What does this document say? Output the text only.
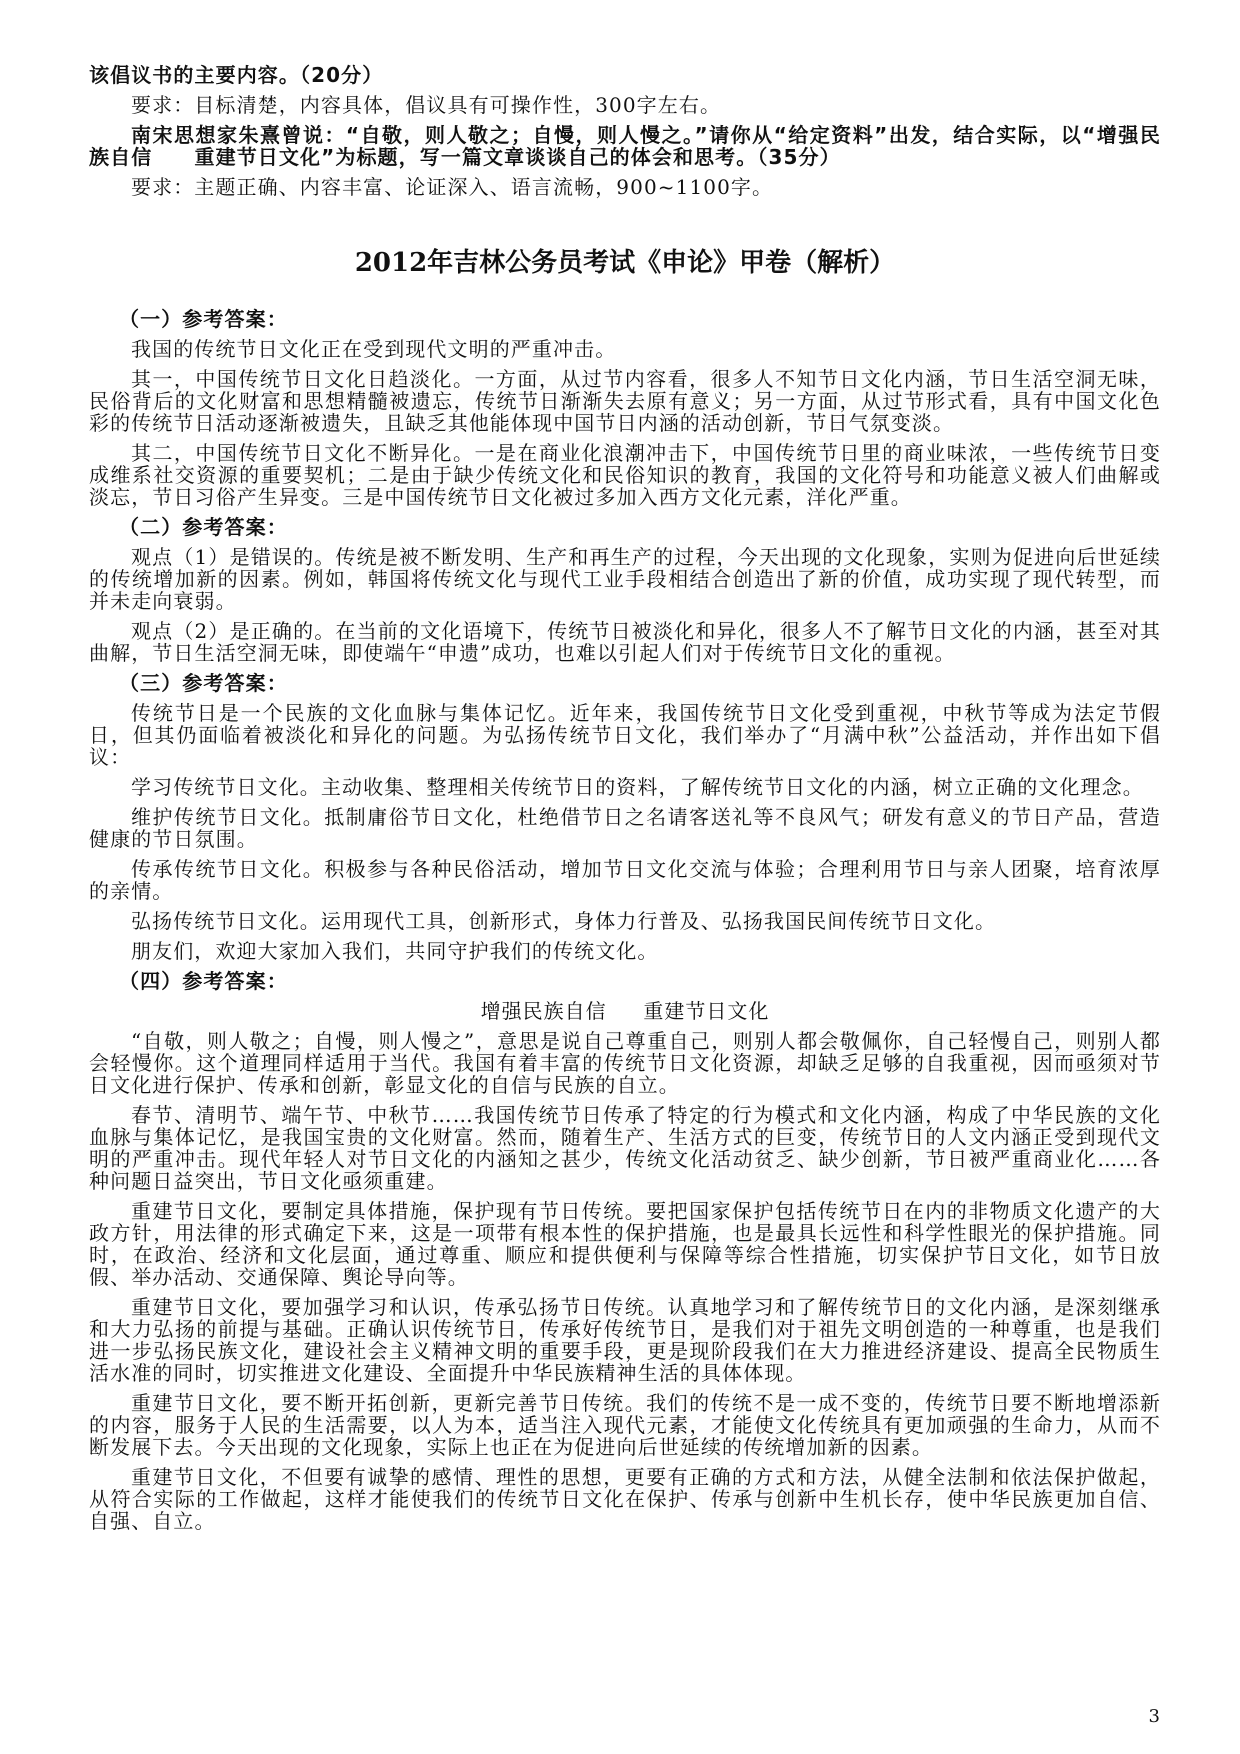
该倡议书的主要内容。（20分）

要求：目标清楚，内容具体，倡议具有可操作性，300字左右。

南宋思想家朱熹曾说：“自敬，则人敬之；自慢，则人慢之。”请你从“给定资料”出发，结合实际，以“增强民族自信　　重建节日文化”为标题，写一篇文章谈谈自己的体会和思考。（35分）

要求：主题正确、内容丰富、论证深入、语言流畅，900~1100字。

2012年吉林公务员考试《申论》甲卷（解析）

（一）参考答案：

我国的传统节日文化正在受到现代文明的严重冲击。

其一，中国传统节日文化日趋淡化。一方面，从过节内容看，很多人不知节日文化内涵，节日生活空洞无味，民俗背后的文化财富和思想精髓被遗忘，传统节日渐渐失去原有意义；另一方面，从过节形式看，具有中国文化色彩的传统节日活动逐渐被遗失，且缺乏其他能体现中国节日内涵的活动创新，节日气氛变淡。

其二，中国传统节日文化不断异化。一是在商业化浪潮冲击下，中国传统节日里的商业味浓，一些传统节日变成维系社交资源的重要契机；二是由于缺少传统文化和民俗知识的教育，我国的文化符号和功能意义被人们曲解或淡忘，节日习俗产生异变。三是中国传统节日文化被过多加入西方文化元素，洋化严重。

（二）参考答案：

观点（1）是错误的。传统是被不断发明、生产和再生产的过程，今天出现的文化现象，实则为促进向后世延续的传统增加新的因素。例如，韩国将传统文化与现代工业手段相结合创造出了新的价值，成功实现了现代转型，而并未走向衰弱。

观点（2）是正确的。在当前的文化语境下，传统节日被淡化和异化，很多人不了解节日文化的内涵，甚至对其曲解，节日生活空洞无味，即使端午“申遗”成功，也难以引起人们对于传统节日文化的重视。

（三）参考答案：

传统节日是一个民族的文化血脉与集体记忆。近年来，我国传统节日文化受到重视，中秋节等成为法定节假日，但其仍面临着被淡化和异化的问题。为弘扬传统节日文化，我们举办了“月满中秋”公益活动，并作出如下倡议：

学习传统节日文化。主动收集、整理相关传统节日的资料，了解传统节日文化的内涵，树立正确的文化理念。

维护传统节日文化。抵制庸俗节日文化，杜绝借节日之名请客送礼等不良风气；研发有意义的节日产品，营造健康的节日氛围。

传承传统节日文化。积极参与各种民俗活动，增加节日文化交流与体验；合理利用节日与亲人团聚，培育浓厚的亲情。

弘扬传统节日文化。运用现代工具，创新形式，身体力行普及、弘扬我国民间传统节日文化。

朋友们，欢迎大家加入我们，共同守护我们的传统文化。

（四）参考答案：

增强民族自信     重建节日文化

“自敬，则人敬之；自慢，则人慢之”，意思是说自己尊重自己，则别人都会敬佩你，自己轻慢自己，则别人都会轻慢你。这个道理同样适用于当代。我国有着丰富的传统节日文化资源，却缺乏足够的自我重视，因而亟须对节日文化进行保护、传承和创新，彰显文化的自信与民族的自立。

春节、清明节、端午节、中秋节……我国传统节日传承了特定的行为模式和文化内涵，构成了中华民族的文化血脉与集体记忆，是我国宝贵的文化财富。然而，随着生产、生活方式的巨变，传统节日的人文内涵正受到现代文明的严重冲击。现代年轻人对节日文化的内涵知之甚少，传统文化活动贫乏、缺少创新，节日被严重商业化……各种问题日益突出，节日文化亟须重建。

重建节日文化，要制定具体措施，保护现有节日传统。要把国家保护包括传统节日在内的非物质文化遗产的大政方针，用法律的形式确定下来，这是一项带有根本性的保护措施，也是最具长远性和科学性眼光的保护措施。同时，在政治、经济和文化层面，通过尊重、顺应和提供便利与保障等综合性措施，切实保护节日文化，如节日放假、举办活动、交通保障、舆论导向等。

重建节日文化，要加强学习和认识，传承弘扬节日传统。认真地学习和了解传统节日的文化内涵，是深刻继承和大力弘扬的前提与基础。正确认识传统节日，传承好传统节日，是我们对于祖先文明创造的一种尊重，也是我们进一步弘扬民族文化，建设社会主义精神文明的重要手段，更是现阶段我们在大力推进经济建设、提高全民物质生活水准的同时，切实推进文化建设、全面提升中华民族精神生活的具体体现。

重建节日文化，要不断开拓创新，更新完善节日传统。我们的传统不是一成不变的，传统节日要不断地增添新的内容，服务于人民的生活需要，以人为本，适当注入现代元素，才能使文化传统具有更加顽强的生命力，从而不断发展下去。今天出现的文化现象，实际上也正在为促进向后世延续的传统增加新的因素。

重建节日文化，不但要有诚挚的感情、理性的思想，更要有正确的方式和方法，从健全法制和依法保护做起，从符合实际的工作做起，这样才能使我们的传统节日文化在保护、传承与创新中生机长存，使中华民族更加自信、自强、自立。

3
